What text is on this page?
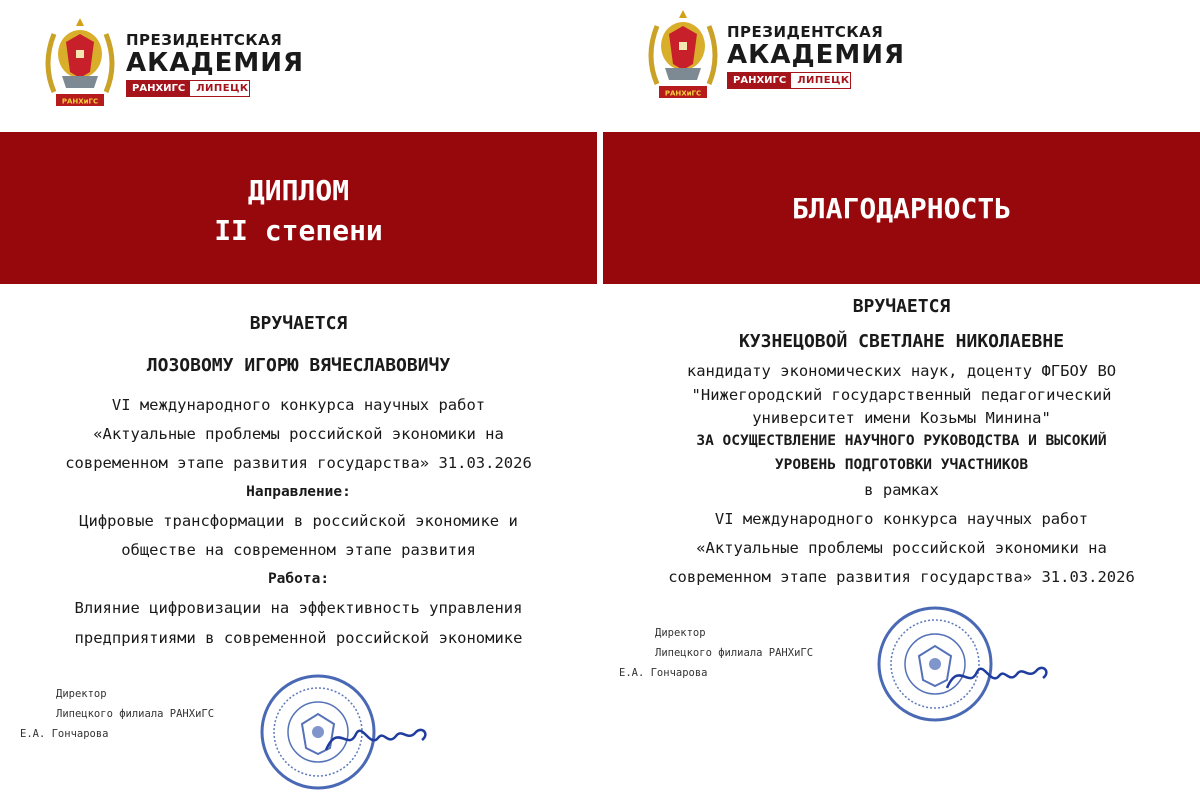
РАНХиГС
ПРЕЗИДЕНТСКАЯ
АКАДЕМИЯ
РАНХИГС	ЛИПЕЦК
ДИПЛОМ
II степени
ВРУЧАЕТСЯ
ЛОЗОВОМУ ИГОРЮ ВЯЧЕСЛАВОВИЧУ
VI международного конкурса научных работ
«Актуальные проблемы российской экономики на
современном этапе развития государства» 31.03.2026
Направление:
Цифровые трансформации в российской экономике и
обществе на современном этапе развития
Работа:
Влияние цифровизации на эффективность управления
предприятиями в современной российской экономике
Директор
Липецкого филиала РАНХиГС
Е.А. Гончарова
РАНХиГС
ПРЕЗИДЕНТСКАЯ
АКАДЕМИЯ
РАНХИГС	ЛИПЕЦК
БЛАГОДАРНОСТЬ
ВРУЧАЕТСЯ
КУЗНЕЦОВОЙ СВЕТЛАНЕ НИКОЛАЕВНЕ
кандидату экономических наук, доценту ФГБОУ ВО
"Нижегородский государственный педагогический
университет имени Козьмы Минина"
ЗА ОСУЩЕСТВЛЕНИЕ НАУЧНОГО РУКОВОДСТВА И ВЫСОКИЙ
УРОВЕНЬ ПОДГОТОВКИ УЧАСТНИКОВ
в рамках
VI международного конкурса научных работ
«Актуальные проблемы российской экономики на
современном этапе развития государства» 31.03.2026
Директор
Липецкого филиала РАНХиГС
Е.А. Гончарова
